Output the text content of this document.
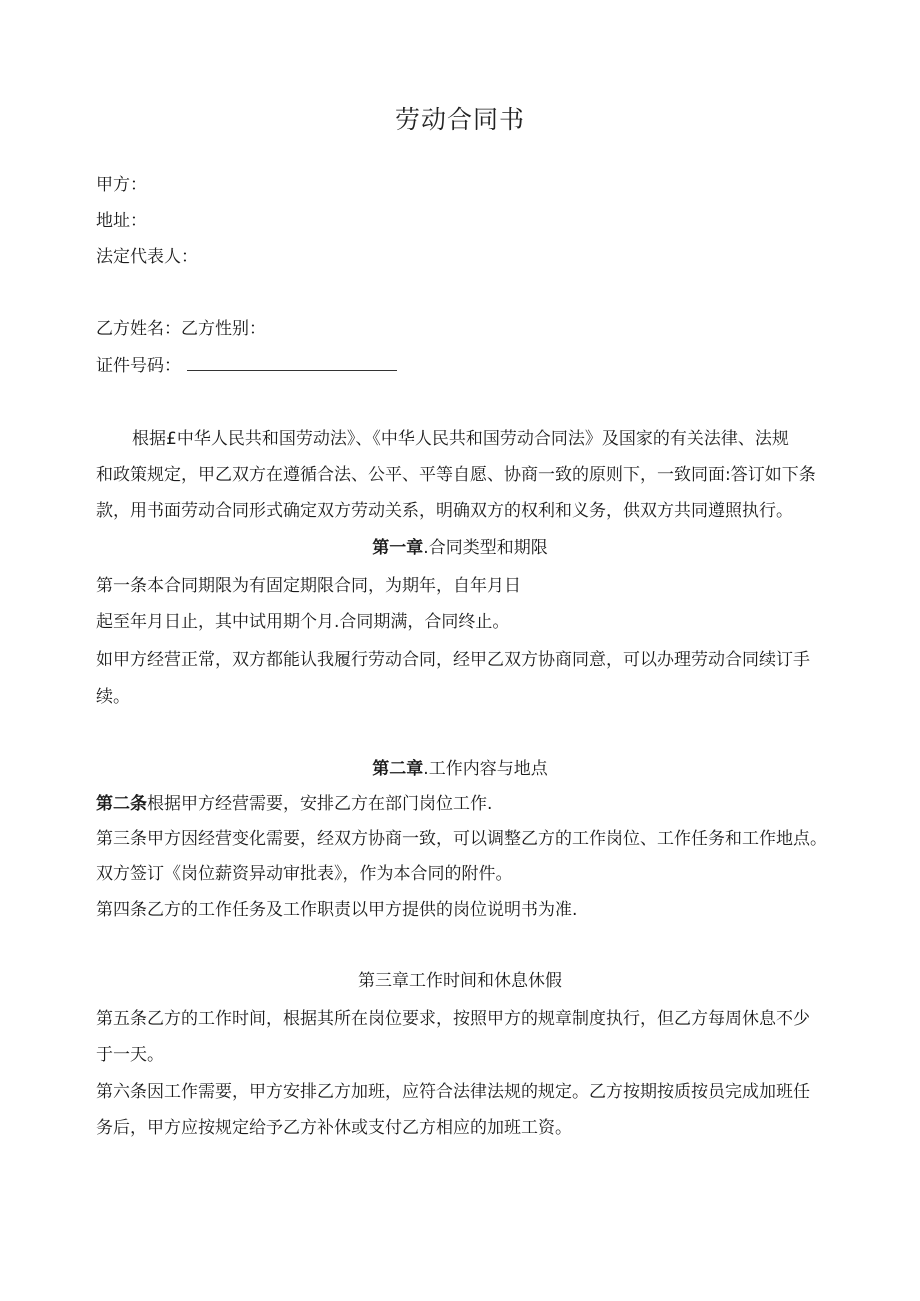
劳动合同书
甲方：
地址：
法定代表人：
乙方姓名：乙方性别：
证件号码：
根据£中华人民共和国劳动法》、《中华人民共和国劳动合同法》及国家的有关法律、法规
和政策规定，甲乙双方在遵循合法、公平、平等自愿、协商一致的原则下，一致同面:答订如下条
款，用书面劳动合同形式确定双方劳动关系，明确双方的权利和义务，供双方共同遵照执行。
第一章.合同类型和期限
第一条本合同期限为有固定期限合同，为期年，自年月日
起至年月日止，其中试用期个月.合同期满，合同终止。
如甲方经营正常，双方都能认我履行劳动合同，经甲乙双方协商同意，可以办理劳动合同续订手
续。
第二章.工作内容与地点
第二条根据甲方经营需要，安排乙方在部门岗位工作.
第三条甲方因经营变化需要，经双方协商一致，可以调整乙方的工作岗位、工作任务和工作地点。
双方签订《岗位薪资异动审批表》，作为本合同的附件。
第四条乙方的工作任务及工作职责以甲方提供的岗位说明书为准.
第三章工作时间和休息休假
第五条乙方的工作时间，根据其所在岗位要求，按照甲方的规章制度执行，但乙方每周休息不少
于一天。
第六条因工作需要，甲方安排乙方加班，应符合法律法规的规定。乙方按期按质按员完成加班任
务后，甲方应按规定给予乙方补休或支付乙方相应的加班工资。
